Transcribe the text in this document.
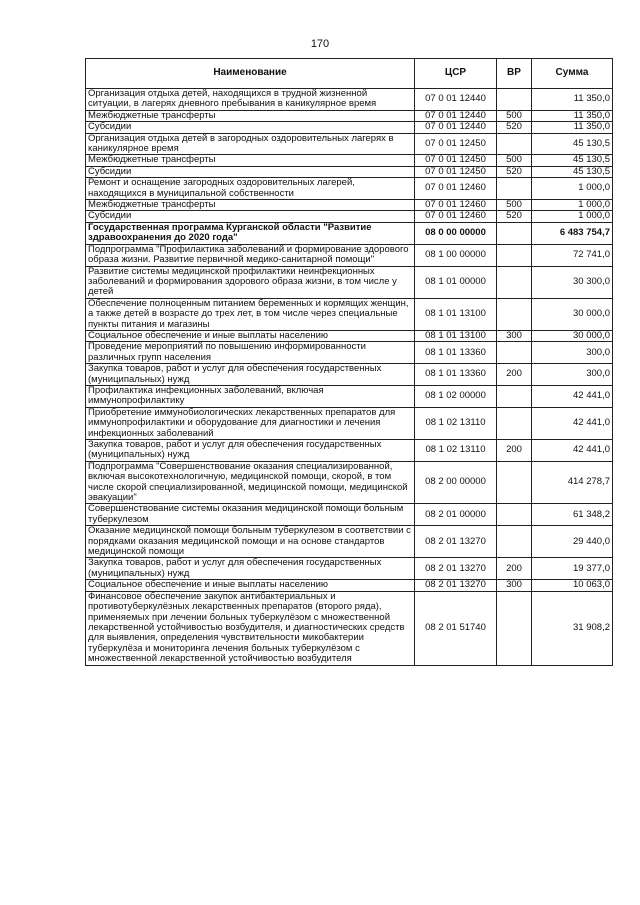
170
Наименование	ЦСР	ВР	Сумма
Организация отдыха детей, находящихся в трудной жизненной ситуации, в лагерях дневного пребывания в каникулярное время	07 0 01 12440		11 350,0
Межбюджетные трансферты	07 0 01 12440	500	11 350,0
Субсидии	07 0 01 12440	520	11 350,0
Организация отдыха детей в загородных оздоровительных лагерях в каникулярное время	07 0 01 12450		45 130,5
Межбюджетные трансферты	07 0 01 12450	500	45 130,5
Субсидии	07 0 01 12450	520	45 130,5
Ремонт и оснащение загородных оздоровительных лагерей, находящихся в муниципальной собственности	07 0 01 12460		1 000,0
Межбюджетные трансферты	07 0 01 12460	500	1 000,0
Субсидии	07 0 01 12460	520	1 000,0
Государственная программа Курганской области "Развитие здравоохранения до 2020 года"	08 0 00 00000		6 483 754,7
Подпрограмма "Профилактика заболеваний и формирование здорового образа жизни. Развитие первичной медико-санитарной помощи"	08 1 00 00000		72 741,0
Развитие системы медицинской профилактики неинфекционных заболеваний и формирования здорового образа жизни, в том числе у детей	08 1 01 00000		30 300,0
Обеспечение полноценным питанием беременных и кормящих женщин, а также детей в возрасте до трех лет, в том числе через специальные пункты питания и магазины	08 1 01 13100		30 000,0
Социальное обеспечение и иные выплаты населению	08 1 01 13100	300	30 000,0
Проведение мероприятий по повышению информированности различных групп населения	08 1 01 13360		300,0
Закупка товаров, работ и услуг для обеспечения государственных (муниципальных) нужд	08 1 01 13360	200	300,0
Профилактика инфекционных заболеваний, включая иммунопрофилактику	08 1 02 00000		42 441,0
Приобретение иммунобиологических лекарственных препаратов для иммунопрофилактики и оборудование для диагностики и лечения инфекционных заболеваний	08 1 02 13110		42 441,0
Закупка товаров, работ и услуг для обеспечения государственных (муниципальных) нужд	08 1 02 13110	200	42 441,0
Подпрограмма "Совершенствование оказания специализированной, включая высокотехнологичную, медицинской помощи, скорой, в том числе скорой специализированной, медицинской помощи, медицинской эвакуации"	08 2 00 00000		414 278,7
Совершенствование системы оказания медицинской помощи больным туберкулезом	08 2 01 00000		61 348,2
Оказание медицинской помощи больным туберкулезом в соответствии с порядками оказания медицинской помощи и на основе стандартов медицинской помощи	08 2 01 13270		29 440,0
Закупка товаров, работ и услуг для обеспечения государственных (муниципальных) нужд	08 2 01 13270	200	19 377,0
Социальное обеспечение и иные выплаты населению	08 2 01 13270	300	10 063,0
Финансовое обеспечение закупок антибактериальных и противотуберкулёзных лекарственных препаратов (второго ряда), применяемых при лечении больных туберкулёзом с множественной лекарственной устойчивостью возбудителя, и диагностических средств для выявления, определения чувствительности микобактерии туберкулёза и мониторинга лечения больных туберкулёзом с множественной лекарственной устойчивостью возбудителя	08 2 01 51740		31 908,2
